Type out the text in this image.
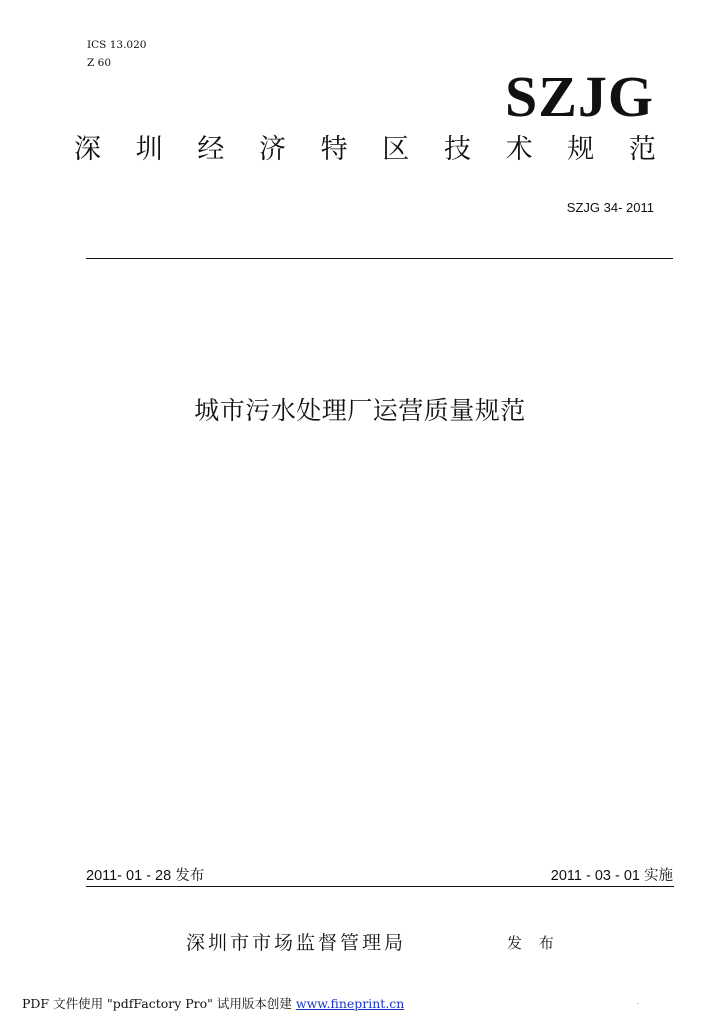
ICS 13.020
Z 60
SZJG
深 圳 经 济 特 区 技 术 规 范
SZJG 34- 2011
城市污水处理厂运营质量规范
2011- 01 - 28 发布	2011 - 03 - 01 实施
深圳市市场监督管理局	发 布
PDF 文件使用 "pdfFactory Pro" 试用版本创建 www.fineprint.cn	-
